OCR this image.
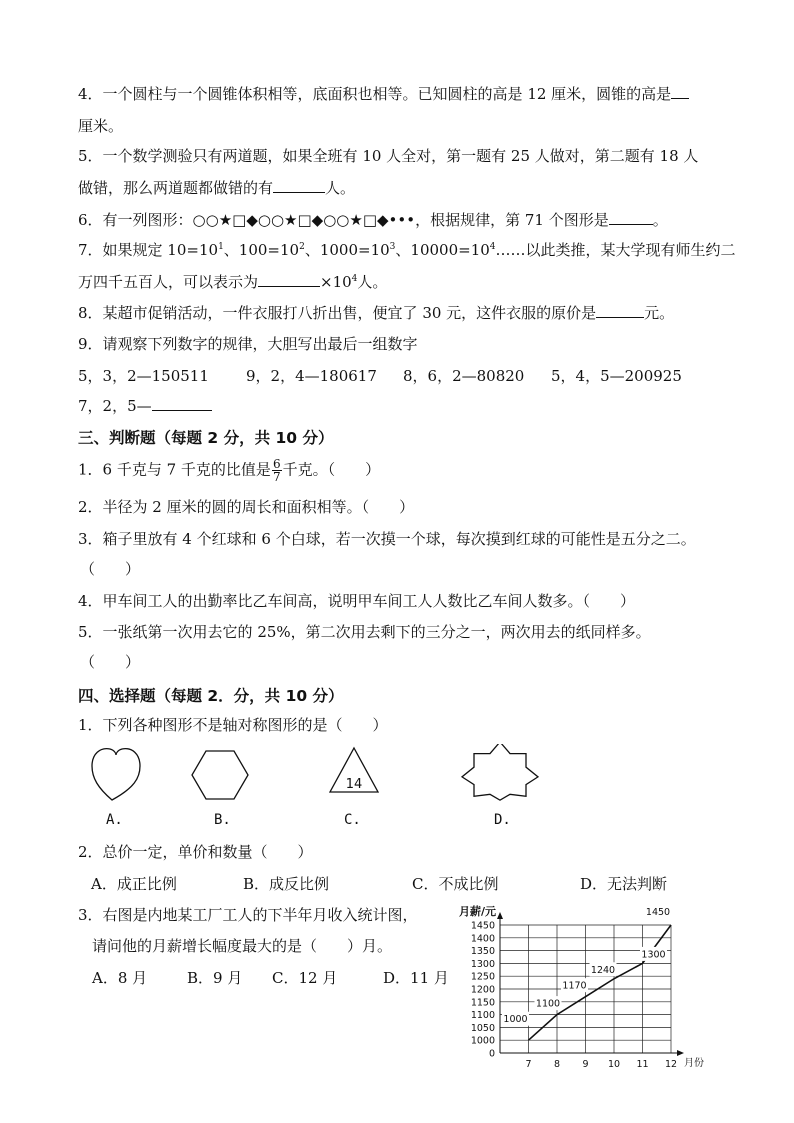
4．一个圆柱与一个圆锥体积相等，底面积也相等。已知圆柱的高是 12 厘米，圆锥的高是
厘米。
5．一个数学测验只有两道题，如果全班有 10 人全对，第一题有 25 人做对，第二题有 18 人
做错，那么两道题都做错的有	人。
6．有一列图形：○○★□◆○○★□◆○○★□◆•••，根据规律，第 71 个图形是	。
7．如果规定 $10=10^1$、$100=10^2$、$1000=10^3$、$10000=10^4\dots\dots$以此类推，某大学现有师生约二
万四千五百人，可以表示为	$\times 10^4$人。
8．某超市促销活动，一件衣服打八折出售，便宜了 30 元，这件衣服的原价是	元。
9．请观察下列数字的规律，大胆写出最后一组数字
5，3，2—150511 9，2，4—180617 8，6，2—80820 5，4，5—200925
7，2，5—
三、判断题（每题 2 分，共 10 分）
1．6 千克与 7 千克的比值是 $\frac{6}{7}$ 千克。（　　）
2．半径为 2 厘米的圆的周长和面积相等。（　　）
3．箱子里放有 4 个红球和 6 个白球，若一次摸一个球，每次摸到红球的可能性是五分之二。
（　　）
4．甲车间工人的出勤率比乙车间高，说明甲车间工人人数比乙车间人数多。（　　）
5．一张纸第一次用去它的 25%，第二次用去剩下的三分之一，两次用去的纸同样多。
（　　）
四、选择题（每题 2．分，共 10 分）
1．下列各种图形不是轴对称图形的是（　　）
14
A.	B.	C.	D.
2．总价一定，单价和数量（　　）
A．成正比例	B．成反比例	C．不成比例	D．无法判断
3．右图是内地某工厂工人的下半年月收入统计图，
请问他的月薪增长幅度最大的是（　　）月。
A．8 月	B．9 月 C．12 月	D．11 月
月薪/元
月份
0
1000
1050
1100
1150
1200
1250
1300
1350
1400
1450
7 8 9 10 11 12
1000
1100
1170
1240
1300
1450
